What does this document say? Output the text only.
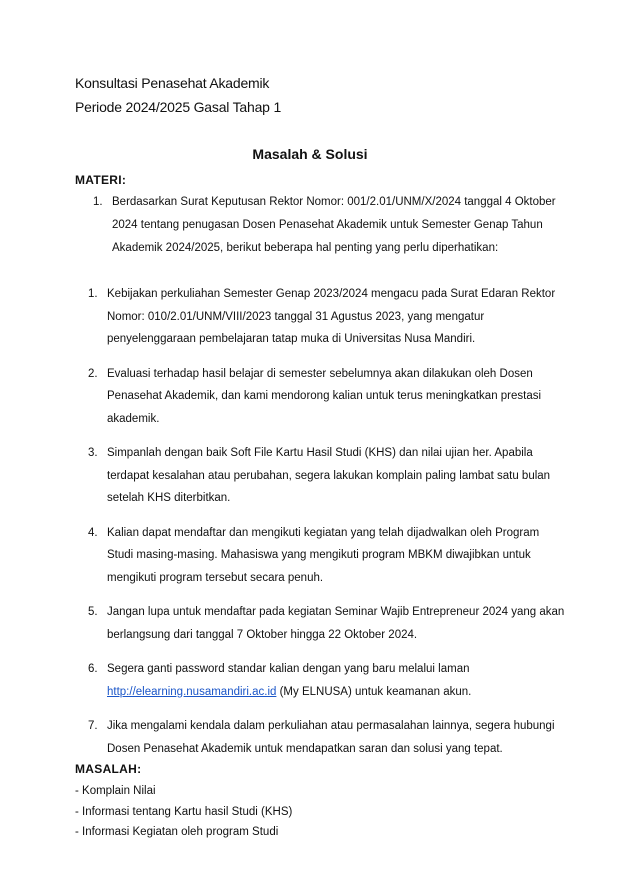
Konsultasi Penasehat Akademik
Periode 2024/2025 Gasal Tahap 1
Masalah & Solusi
MATERI:
1. Berdasarkan Surat Keputusan Rektor Nomor: 001/2.01/UNM/X/2024 tanggal 4 Oktober 2024 tentang penugasan Dosen Penasehat Akademik untuk Semester Genap Tahun Akademik 2024/2025, berikut beberapa hal penting yang perlu diperhatikan:
1. Kebijakan perkuliahan Semester Genap 2023/2024 mengacu pada Surat Edaran Rektor Nomor: 010/2.01/UNM/VIII/2023 tanggal 31 Agustus 2023, yang mengatur penyelenggaraan pembelajaran tatap muka di Universitas Nusa Mandiri.
2. Evaluasi terhadap hasil belajar di semester sebelumnya akan dilakukan oleh Dosen Penasehat Akademik, dan kami mendorong kalian untuk terus meningkatkan prestasi akademik.
3. Simpanlah dengan baik Soft File Kartu Hasil Studi (KHS) dan nilai ujian her. Apabila terdapat kesalahan atau perubahan, segera lakukan komplain paling lambat satu bulan setelah KHS diterbitkan.
4. Kalian dapat mendaftar dan mengikuti kegiatan yang telah dijadwalkan oleh Program Studi masing-masing. Mahasiswa yang mengikuti program MBKM diwajibkan untuk mengikuti program tersebut secara penuh.
5. Jangan lupa untuk mendaftar pada kegiatan Seminar Wajib Entrepreneur 2024 yang akan berlangsung dari tanggal 7 Oktober hingga 22 Oktober 2024.
6. Segera ganti password standar kalian dengan yang baru melalui laman http://elearning.nusamandiri.ac.id (My ELNUSA) untuk keamanan akun.
7. Jika mengalami kendala dalam perkuliahan atau permasalahan lainnya, segera hubungi Dosen Penasehat Akademik untuk mendapatkan saran dan solusi yang tepat.
MASALAH:
- Komplain Nilai
- Informasi tentang Kartu hasil Studi (KHS)
- Informasi Kegiatan oleh program Studi
